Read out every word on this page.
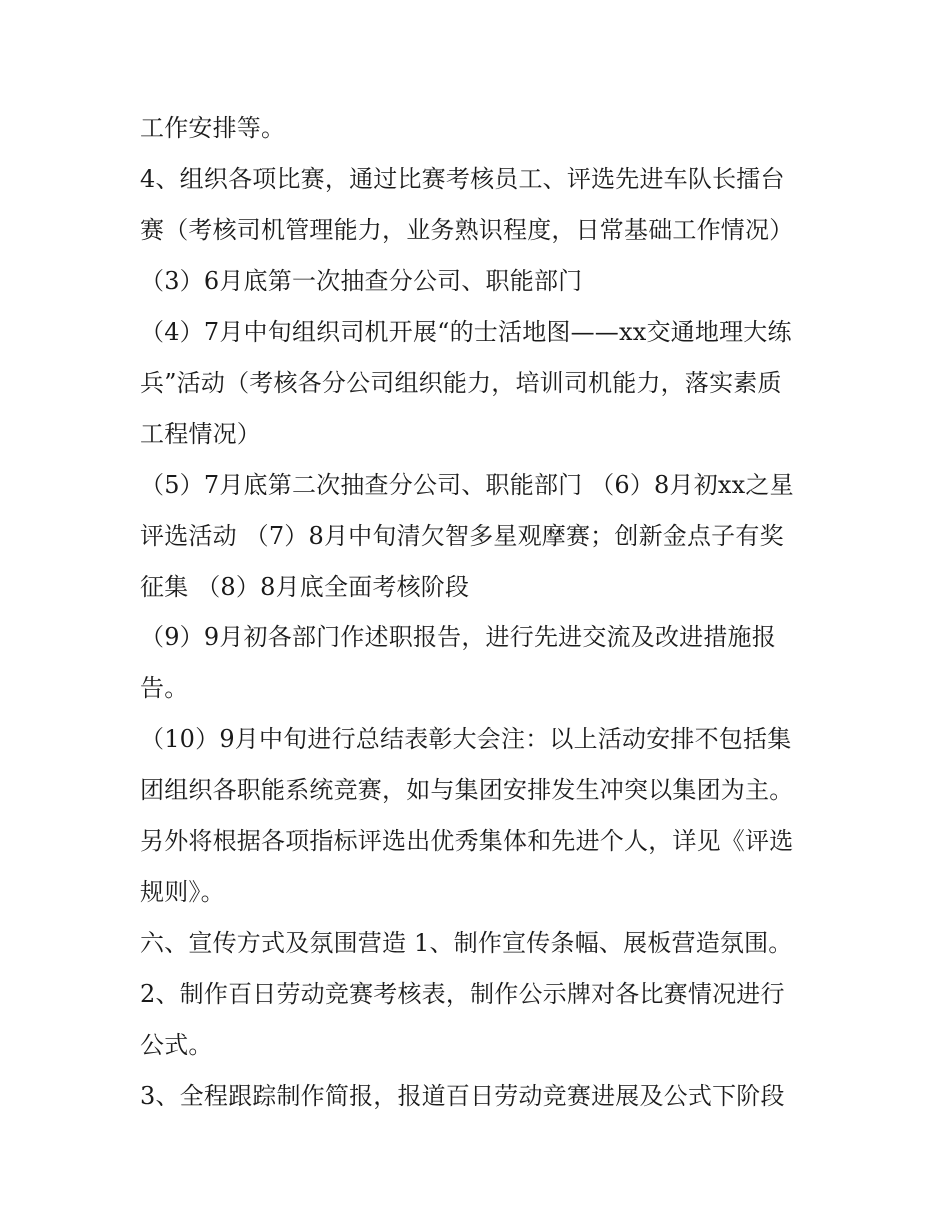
工作安排等。
4、组织各项比赛，通过比赛考核员工、评选先进车队长擂台
赛（考核司机管理能力，业务熟识程度，日常基础工作情况）
（3）6月底第一次抽查分公司、职能部门
（4）7月中旬组织司机开展“的士活地图——xx交通地理大练
兵”活动（考核各分公司组织能力，培训司机能力，落实素质
工程情况）
（5）7月底第二次抽查分公司、职能部门 （6）8月初xx之星
评选活动 （7）8月中旬清欠智多星观摩赛；创新金点子有奖
征集 （8）8月底全面考核阶段
（9）9月初各部门作述职报告，进行先进交流及改进措施报
告。
（10）9月中旬进行总结表彰大会注：以上活动安排不包括集
团组织各职能系统竞赛，如与集团安排发生冲突以集团为主。
另外将根据各项指标评选出优秀集体和先进个人，详见《评选
规则》。
六、宣传方式及氛围营造 1、制作宣传条幅、展板营造氛围。
2、制作百日劳动竞赛考核表，制作公示牌对各比赛情况进行
公式。
3、全程跟踪制作简报，报道百日劳动竞赛进展及公式下阶段
